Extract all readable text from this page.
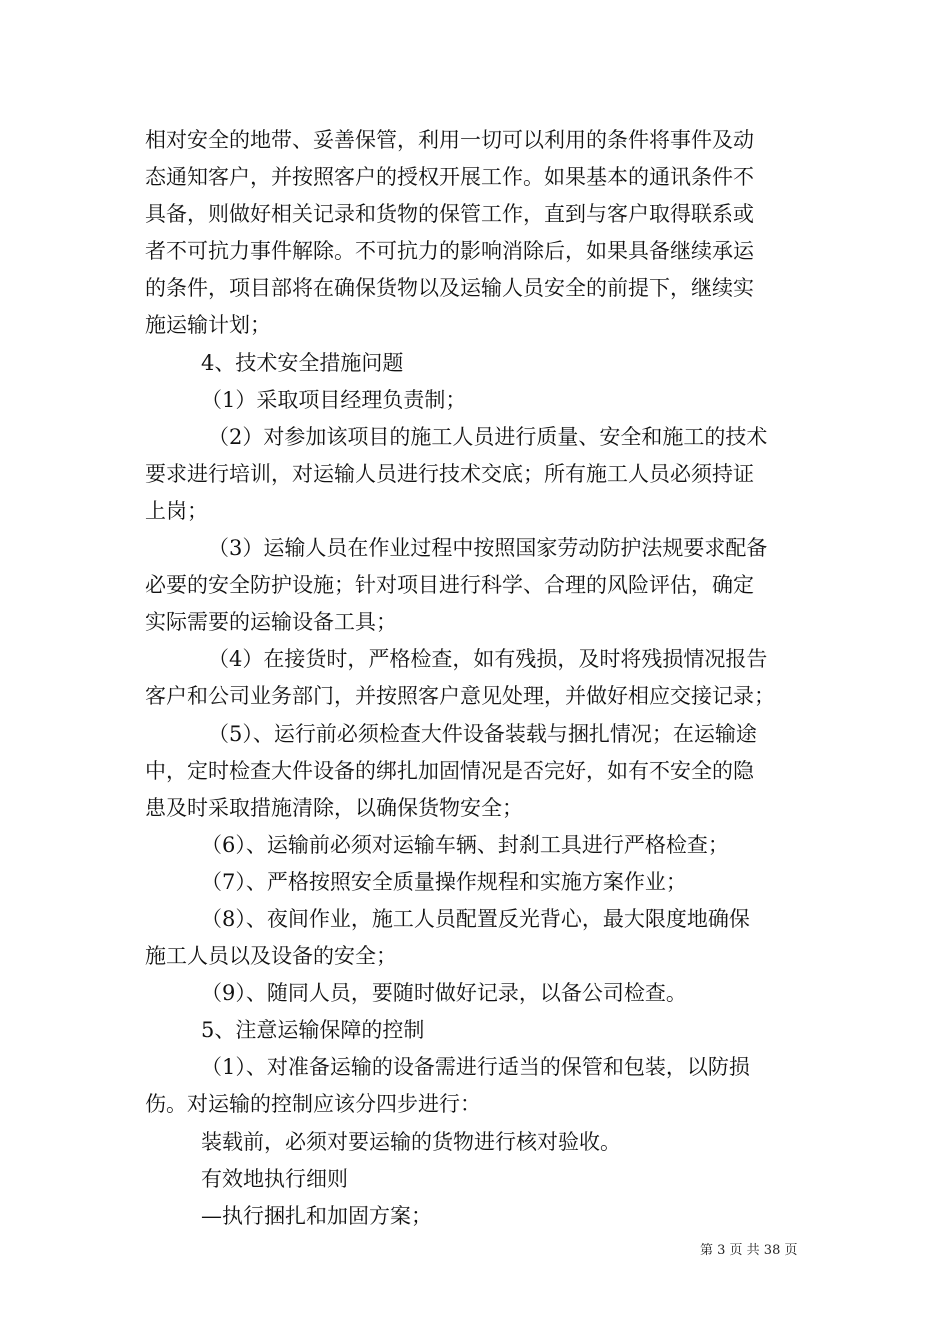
相对安全的地带、妥善保管，利用一切可以利用的条件将事件及动
态通知客户，并按照客户的授权开展工作。如果基本的通讯条件不
具备，则做好相关记录和货物的保管工作，直到与客户取得联系或
者不可抗力事件解除。不可抗力的影响消除后，如果具备继续承运
的条件，项目部将在确保货物以及运输人员安全的前提下，继续实
施运输计划；
4、技术安全措施问题
（1）采取项目经理负责制；
（2）对参加该项目的施工人员进行质量、安全和施工的技术
要求进行培训，对运输人员进行技术交底；所有施工人员必须持证
上岗；
（3）运输人员在作业过程中按照国家劳动防护法规要求配备
必要的安全防护设施；针对项目进行科学、合理的风险评估，确定
实际需要的运输设备工具；
（4）在接货时，严格检查，如有残损，及时将残损情况报告
客户和公司业务部门，并按照客户意见处理，并做好相应交接记录；
（5）、运行前必须检查大件设备装载与捆扎情况；在运输途
中，定时检查大件设备的绑扎加固情况是否完好，如有不安全的隐
患及时采取措施清除，以确保货物安全；
（6）、运输前必须对运输车辆、封刹工具进行严格检查；
（7）、严格按照安全质量操作规程和实施方案作业；
（8）、夜间作业，施工人员配置反光背心，最大限度地确保
施工人员以及设备的安全；
（9）、随同人员，要随时做好记录，以备公司检查。
5、注意运输保障的控制
（1）、对准备运输的设备需进行适当的保管和包装，以防损
伤。对运输的控制应该分四步进行：
装载前，必须对要运输的货物进行核对验收。
有效地执行细则
—执行捆扎和加固方案；
第 3 页 共 38 页
